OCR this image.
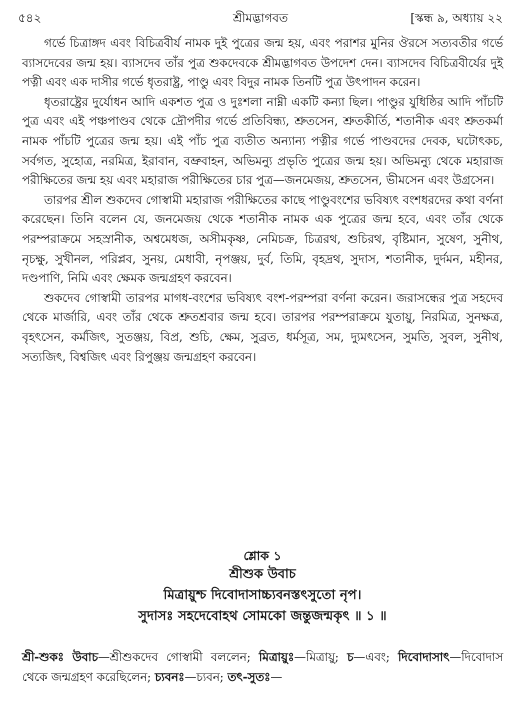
৫৪২	শ্রীমদ্ভাগবত	[স্কন্ধ ৯, অধ্যায় ২২

গর্ভে চিত্রাঙ্গদ এবং বিচিত্রবীর্য নামক দুই পুত্রের জন্ম হয়, এবং পরাশর মুনির ঔরসে সত্যবতীর গর্ভে ব্যাসদেবের জন্ম হয়। ব্যাসদেব তাঁর পুত্র শুকদেবকে শ্রীমদ্ভাগবত উপদেশ দেন। ব্যাসদেব বিচিত্রবীর্যের দুই পত্নী এবং এক দাসীর গর্ভে ধৃতরাষ্ট্র, পাণ্ডু এবং বিদুর নামক তিনটি পুত্র উৎপাদন করেন।

ধৃতরাষ্ট্রের দুর্যোধন আদি একশত পুত্র ও দুঃশলা নাম্নী একটি কন্যা ছিল। পাণ্ডুর যুধিষ্ঠির আদি পাঁচটি পুত্র এবং এই পঞ্চপাণ্ডব থেকে দ্রৌপদীর গর্ভে প্রতিবিন্ধ্য, শ্রুতসেন, শ্রুতকীর্তি, শতানীক এবং শ্রুতকর্মা নামক পাঁচটি পুত্রের জন্ম হয়। এই পাঁচ পুত্র ব্যতীত অন্যান্য পত্নীর গর্ভে পাণ্ডবদের দেবক, ঘটোৎকচ, সর্বগত, সুহোত্র, নরমিত্র, ইরাবান, বভ্রুবাহন, অভিমন্যু প্রভৃতি পুত্রের জন্ম হয়। অভিমন্যু থেকে মহারাজ পরীক্ষিতের জন্ম হয় এবং মহারাজ পরীক্ষিতের চার পুত্র—জনমেজয়, শ্রুতসেন, ভীমসেন এবং উগ্রসেন।

তারপর শ্রীল শুকদেব গোস্বামী মহারাজ পরীক্ষিতের কাছে পাণ্ডুবংশের ভবিষ্যৎ বংশধরদের কথা বর্ণনা করেছেন। তিনি বলেন যে, জনমেজয় থেকে শতানীক নামক এক পুত্রের জন্ম হবে, এবং তাঁর থেকে পরম্পরাক্রমে সহস্রানীক, অশ্বমেধজ, অসীমকৃষ্ণ, নেমিচক্র, চিত্ররথ, শুচিরথ, বৃষ্টিমান, সুষেণ, সুনীথ, নৃচক্ষু, সুখীনল, পরিপ্লব, সুনয়, মেধাবী, নৃপঞ্জয়, দুর্ব, তিমি, বৃহদ্রথ, সুদাস, শতানীক, দুর্দমন, মহীনর, দণ্ডপাণি, নিমি এবং ক্ষেমক জন্মগ্রহণ করবেন।

শুকদেব গোস্বামী তারপর মাগধ-বংশের ভবিষ্যৎ বংশ-পরম্পরা বর্ণনা করেন। জরাসন্ধের পুত্র সহদেব থেকে মার্জারি, এবং তাঁর থেকে শ্রুতশ্রবার জন্ম হবে। তারপর পরম্পরাক্রমে যুতায়ু, নিরমিত্র, সুনক্ষত্র, বৃহৎসেন, কর্মজিৎ, সুতঞ্জয়, বিপ্র, শুচি, ক্ষেম, সুব্রত, ধর্মসূত্র, সম, দ্যুমৎসেন, সুমতি, সুবল, সুনীথ, সত্যজিৎ, বিশ্বজিৎ এবং রিপুঞ্জয় জন্মগ্রহণ করবেন।

শ্লোক ১
শ্রীশুক উবাচ
মিত্রায়ুশ্চ দিবোদাসাচ্চ্যবনস্তৎসুতো নৃপ।
সুদাসঃ সহদেবোহথ সোমকো জন্তুজন্মকৃৎ ॥ ১ ॥
শ্রী-শুকঃ উবাচ—শ্রীশুকদেব গোস্বামী বললেন; মিত্রায়ুঃ—মিত্রায়ু; চ—এবং; দিবোদাসাৎ—দিবোদাস থেকে জন্মগ্রহণ করেছিলেন; চ্যবনঃ—চ্যবন; তৎ-সুতঃ—
